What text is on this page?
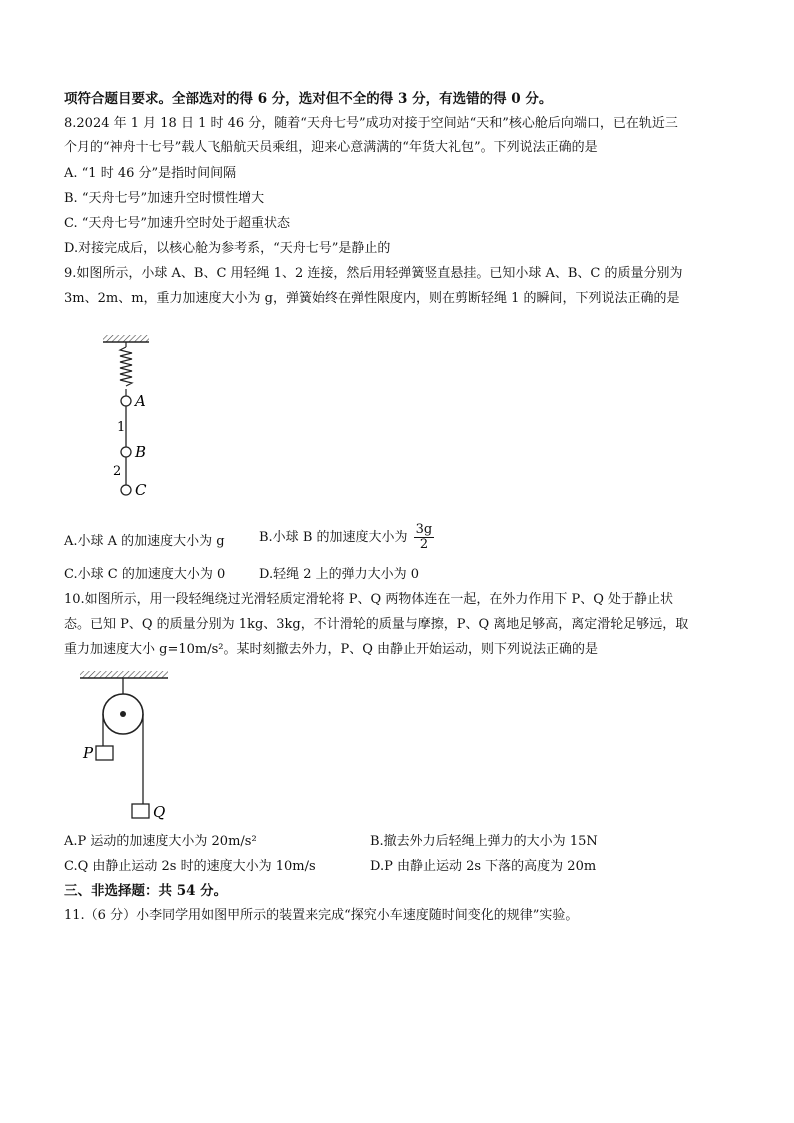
项符合题目要求。全部选对的得 6 分，选对但不全的得 3 分，有选错的得 0 分。
8.2024 年 1 月 18 日 1 时 46 分，随着“天舟七号”成功对接于空间站“天和”核心舱后向端口，已在轨近三
个月的“神舟十七号”载人飞船航天员乘组，迎来心意满满的“年货大礼包”。下列说法正确的是
A. “1 时 46 分”是指时间间隔
B. “天舟七号”加速升空时惯性增大
C. “天舟七号”加速升空时处于超重状态
D.对接完成后，以核心舱为参考系，“天舟七号”是静止的
9.如图所示，小球 A、B、C 用轻绳 1、2 连接，然后用轻弹簧竖直悬挂。已知小球 A、B、C 的质量分别为
3m、2m、m，重力加速度大小为 g，弹簧始终在弹性限度内，则在剪断轻绳 1 的瞬间，下列说法正确的是
A
1
B
2
C
A.小球 A 的加速度大小为 g	B.小球 B 的加速度大小为 $\frac{3g}{2}$
C.小球 C 的加速度大小为 0	D.轻绳 2 上的弹力大小为 0
10.如图所示，用一段轻绳绕过光滑轻质定滑轮将 P、Q 两物体连在一起，在外力作用下 P、Q 处于静止状
态。已知 P、Q 的质量分别为 1kg、3kg，不计滑轮的质量与摩擦，P、Q 离地足够高，离定滑轮足够远，取
重力加速度大小 g=10m/s²。某时刻撤去外力，P、Q 由静止开始运动，则下列说法正确的是
P
Q
A.P 运动的加速度大小为 20m/s²	B.撤去外力后轻绳上弹力的大小为 15N
C.Q 由静止运动 2s 时的速度大小为 10m/s	D.P 由静止运动 2s 下落的高度为 20m
三、非选择题：共 54 分。
11.（6 分）小李同学用如图甲所示的装置来完成“探究小车速度随时间变化的规律”实验。
